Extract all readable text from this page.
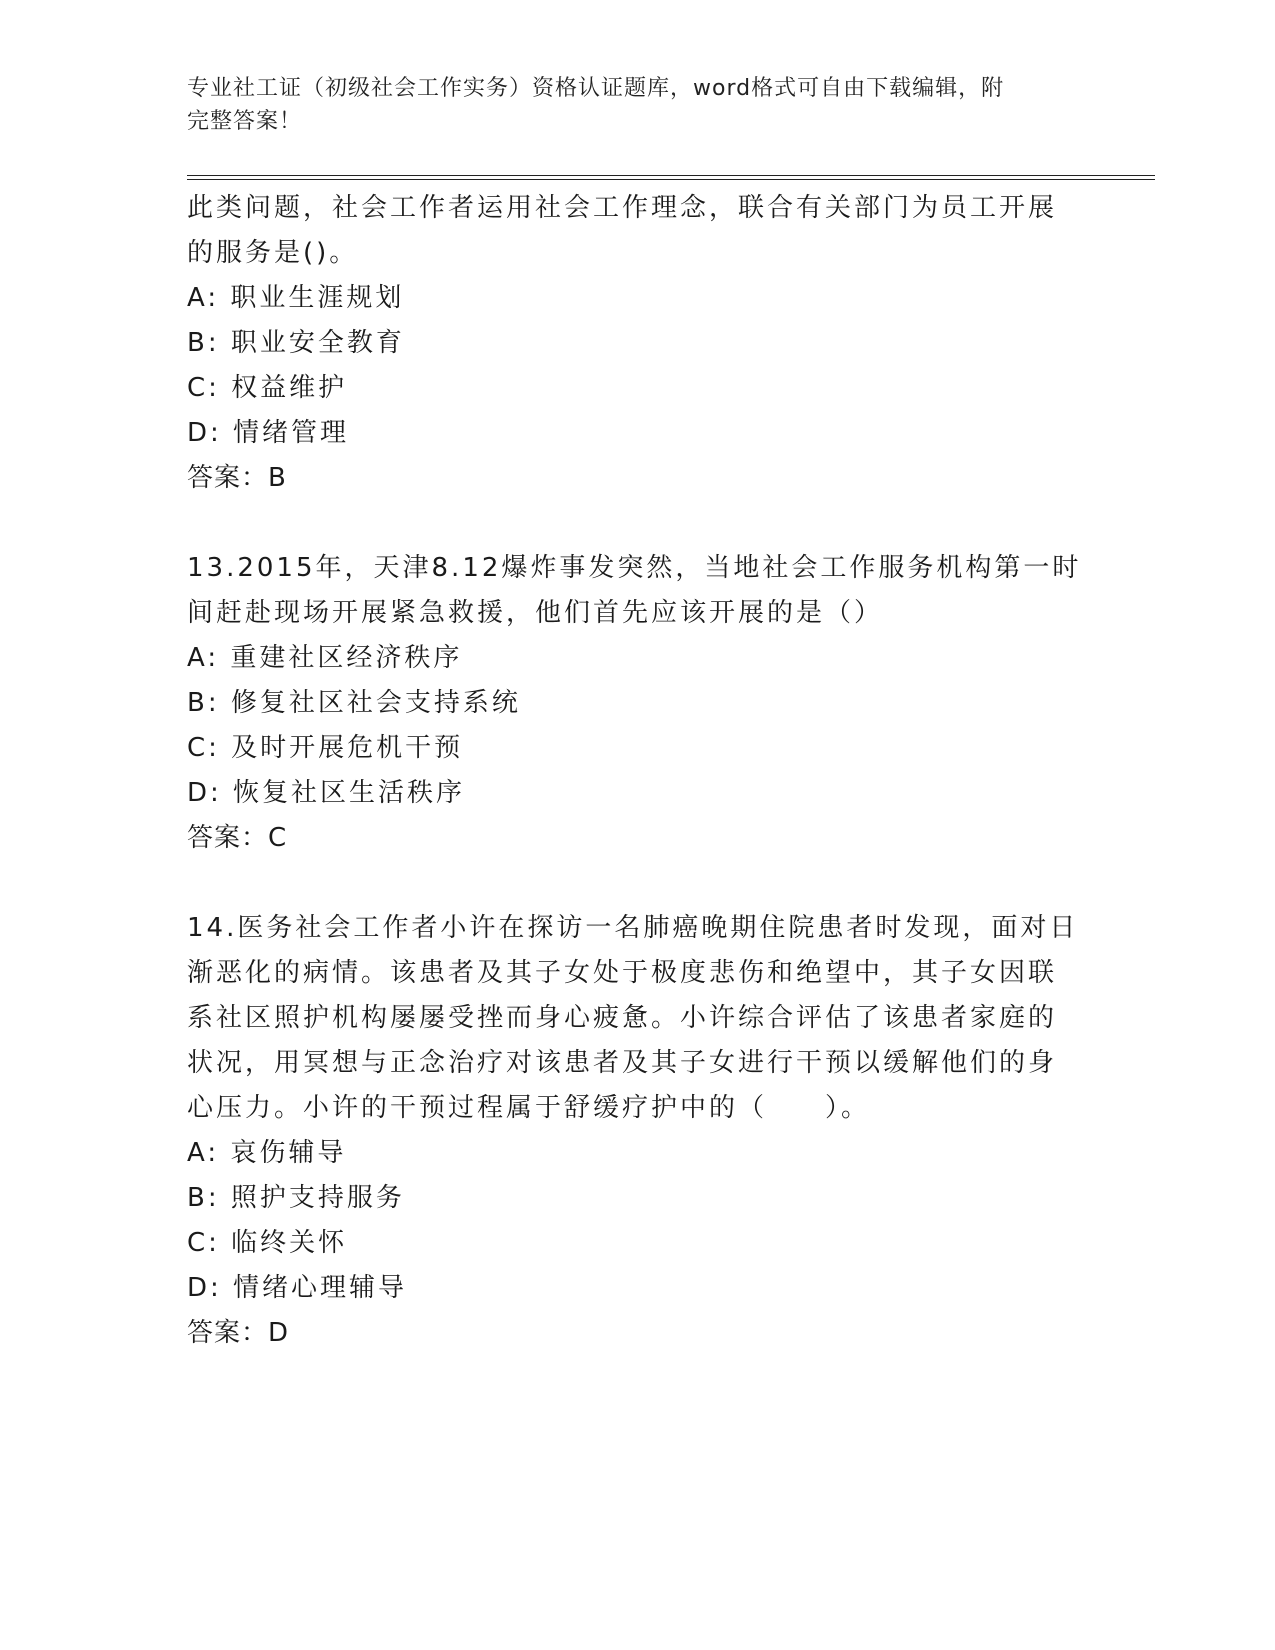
专业社工证（初级社会工作实务）资格认证题库，word格式可自由下载编辑，附
完整答案！

此类问题，社会工作者运用社会工作理念，联合有关部门为员工开展

的服务是()。

A: 职业生涯规划

B: 职业安全教育

C: 权益维护

D: 情绪管理

答案：B

13.2015年，天津8.12爆炸事发突然，当地社会工作服务机构第一时

间赶赴现场开展紧急救援，他们首先应该开展的是（）

A: 重建社区经济秩序

B: 修复社区社会支持系统

C: 及时开展危机干预

D: 恢复社区生活秩序

答案：C

14.医务社会工作者小许在探访一名肺癌晚期住院患者时发现，面对日

渐恶化的病情。该患者及其子女处于极度悲伤和绝望中，其子女因联

系社区照护机构屡屡受挫而身心疲惫。小许综合评估了该患者家庭的

状况，用冥想与正念治疗对该患者及其子女进行干预以缓解他们的身

心压力。小许的干预过程属于舒缓疗护中的（　　）。

A: 哀伤辅导

B: 照护支持服务

C: 临终关怀

D: 情绪心理辅导

答案：D
